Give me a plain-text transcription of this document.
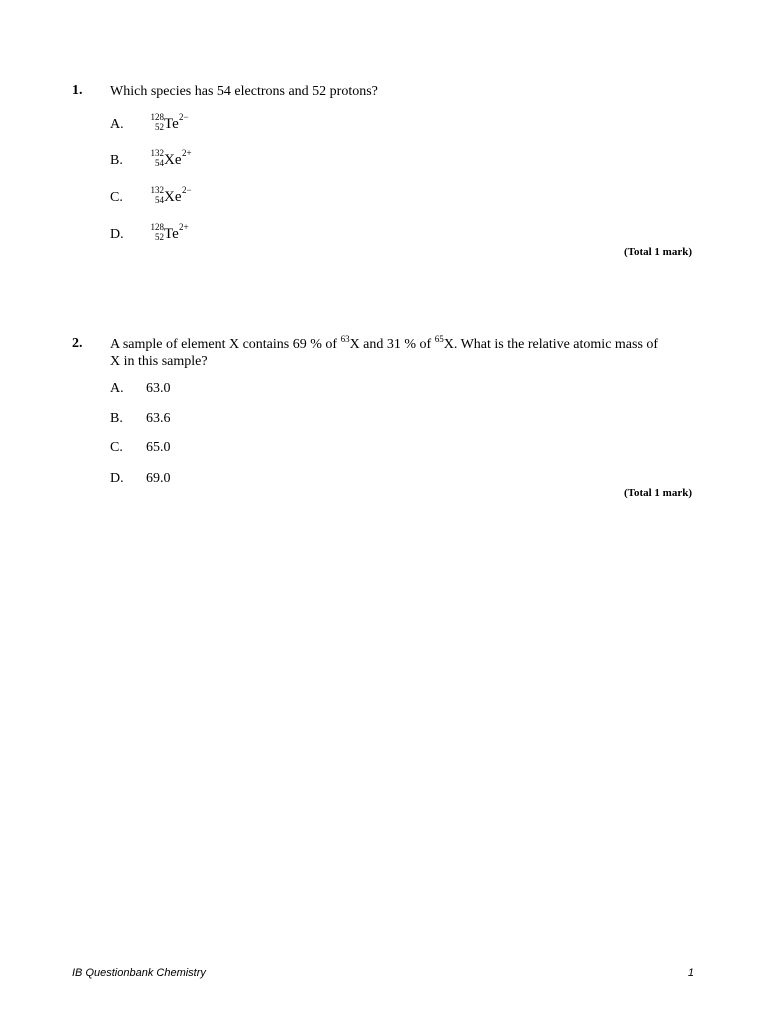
1. Which species has 54 electrons and 52 protons?
A.	128
52 Te 2−
B.	132
54 Xe 2+
C.	132
54 Xe 2−
D.	128
52 Te 2+
(Total 1 mark)
2. A sample of element X contains 69 % of $^{63}$X and 31 % of $^{65}$X. What is the relative atomic mass of X in this sample?
A.	63.0
B.	63.6
C.	65.0
D.	69.0
(Total 1 mark)
IB Questionbank Chemistry	1
